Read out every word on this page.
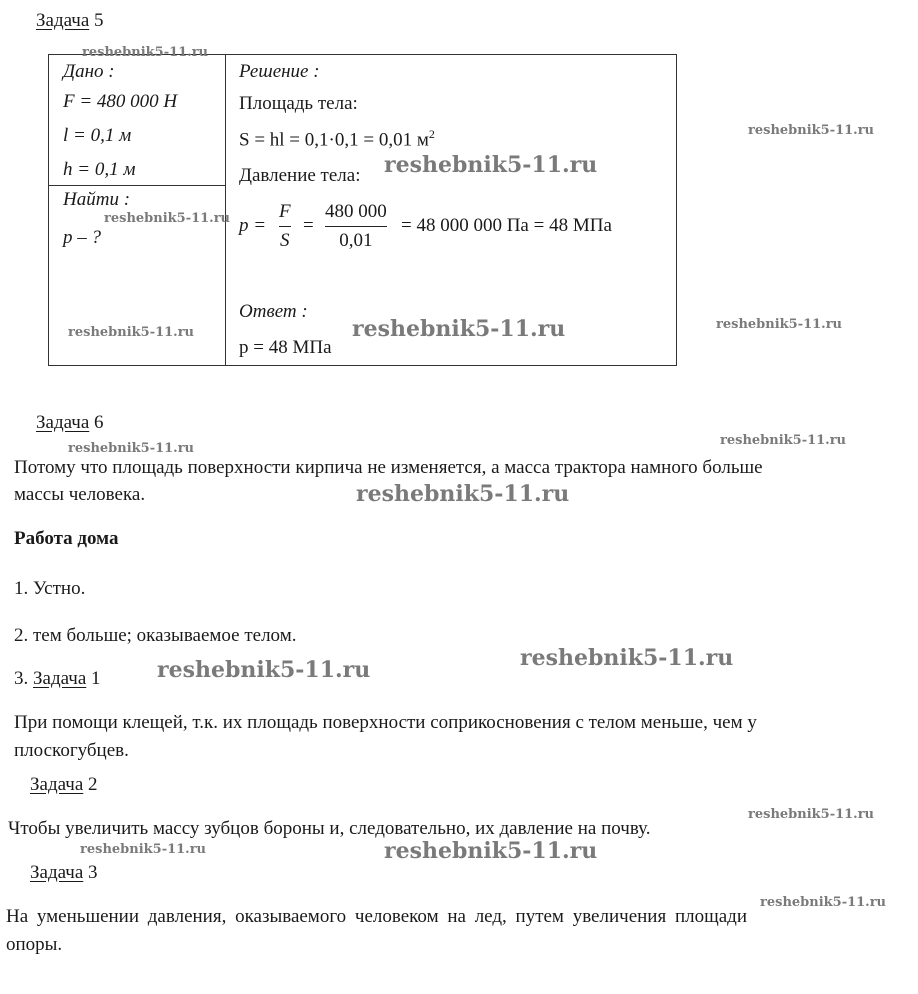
Задача 5
Дано :
F = 480 000 H
l = 0,1 м
h = 0,1 м
Найти :
p – ?
Решение :
Площадь тела:
S = hl = 0,1·0,1 = 0,01 $м^2$
Давление тела:
p =
F
S
=
480 000
0,01
= 48 000 000 Па = 48 МПа
Ответ :
p = 48 МПа
Задача 6
Потому что площадь поверхности кирпича не изменяется, а масса трактора намного больше
массы человека.
Работа дома
1. Устно.
2. тем больше; оказываемое телом.
3. Задача 1
При помощи клещей, т.к. их площадь поверхности соприкосновения с телом меньше, чем у
плоскогубцев.
Задача 2
Чтобы увеличить массу зубцов бороны и, следовательно, их давление на почву.
Задача 3
На уменьшении давления, оказываемого человеком на лед, путем увеличения площади
опоры.
reshebnik5-11.ru
reshebnik5-11.ru
reshebnik5-11.ru
reshebnik5-11.ru
reshebnik5-11.ru	reshebnik5-11.ru	reshebnik5-11.ru
reshebnik5-11.ru
reshebnik5-11.ru
reshebnik5-11.ru
reshebnik5-11.ru
reshebnik5-11.ru
reshebnik5-11.ru
reshebnik5-11.ru	reshebnik5-11.ru
reshebnik5-11.ru
